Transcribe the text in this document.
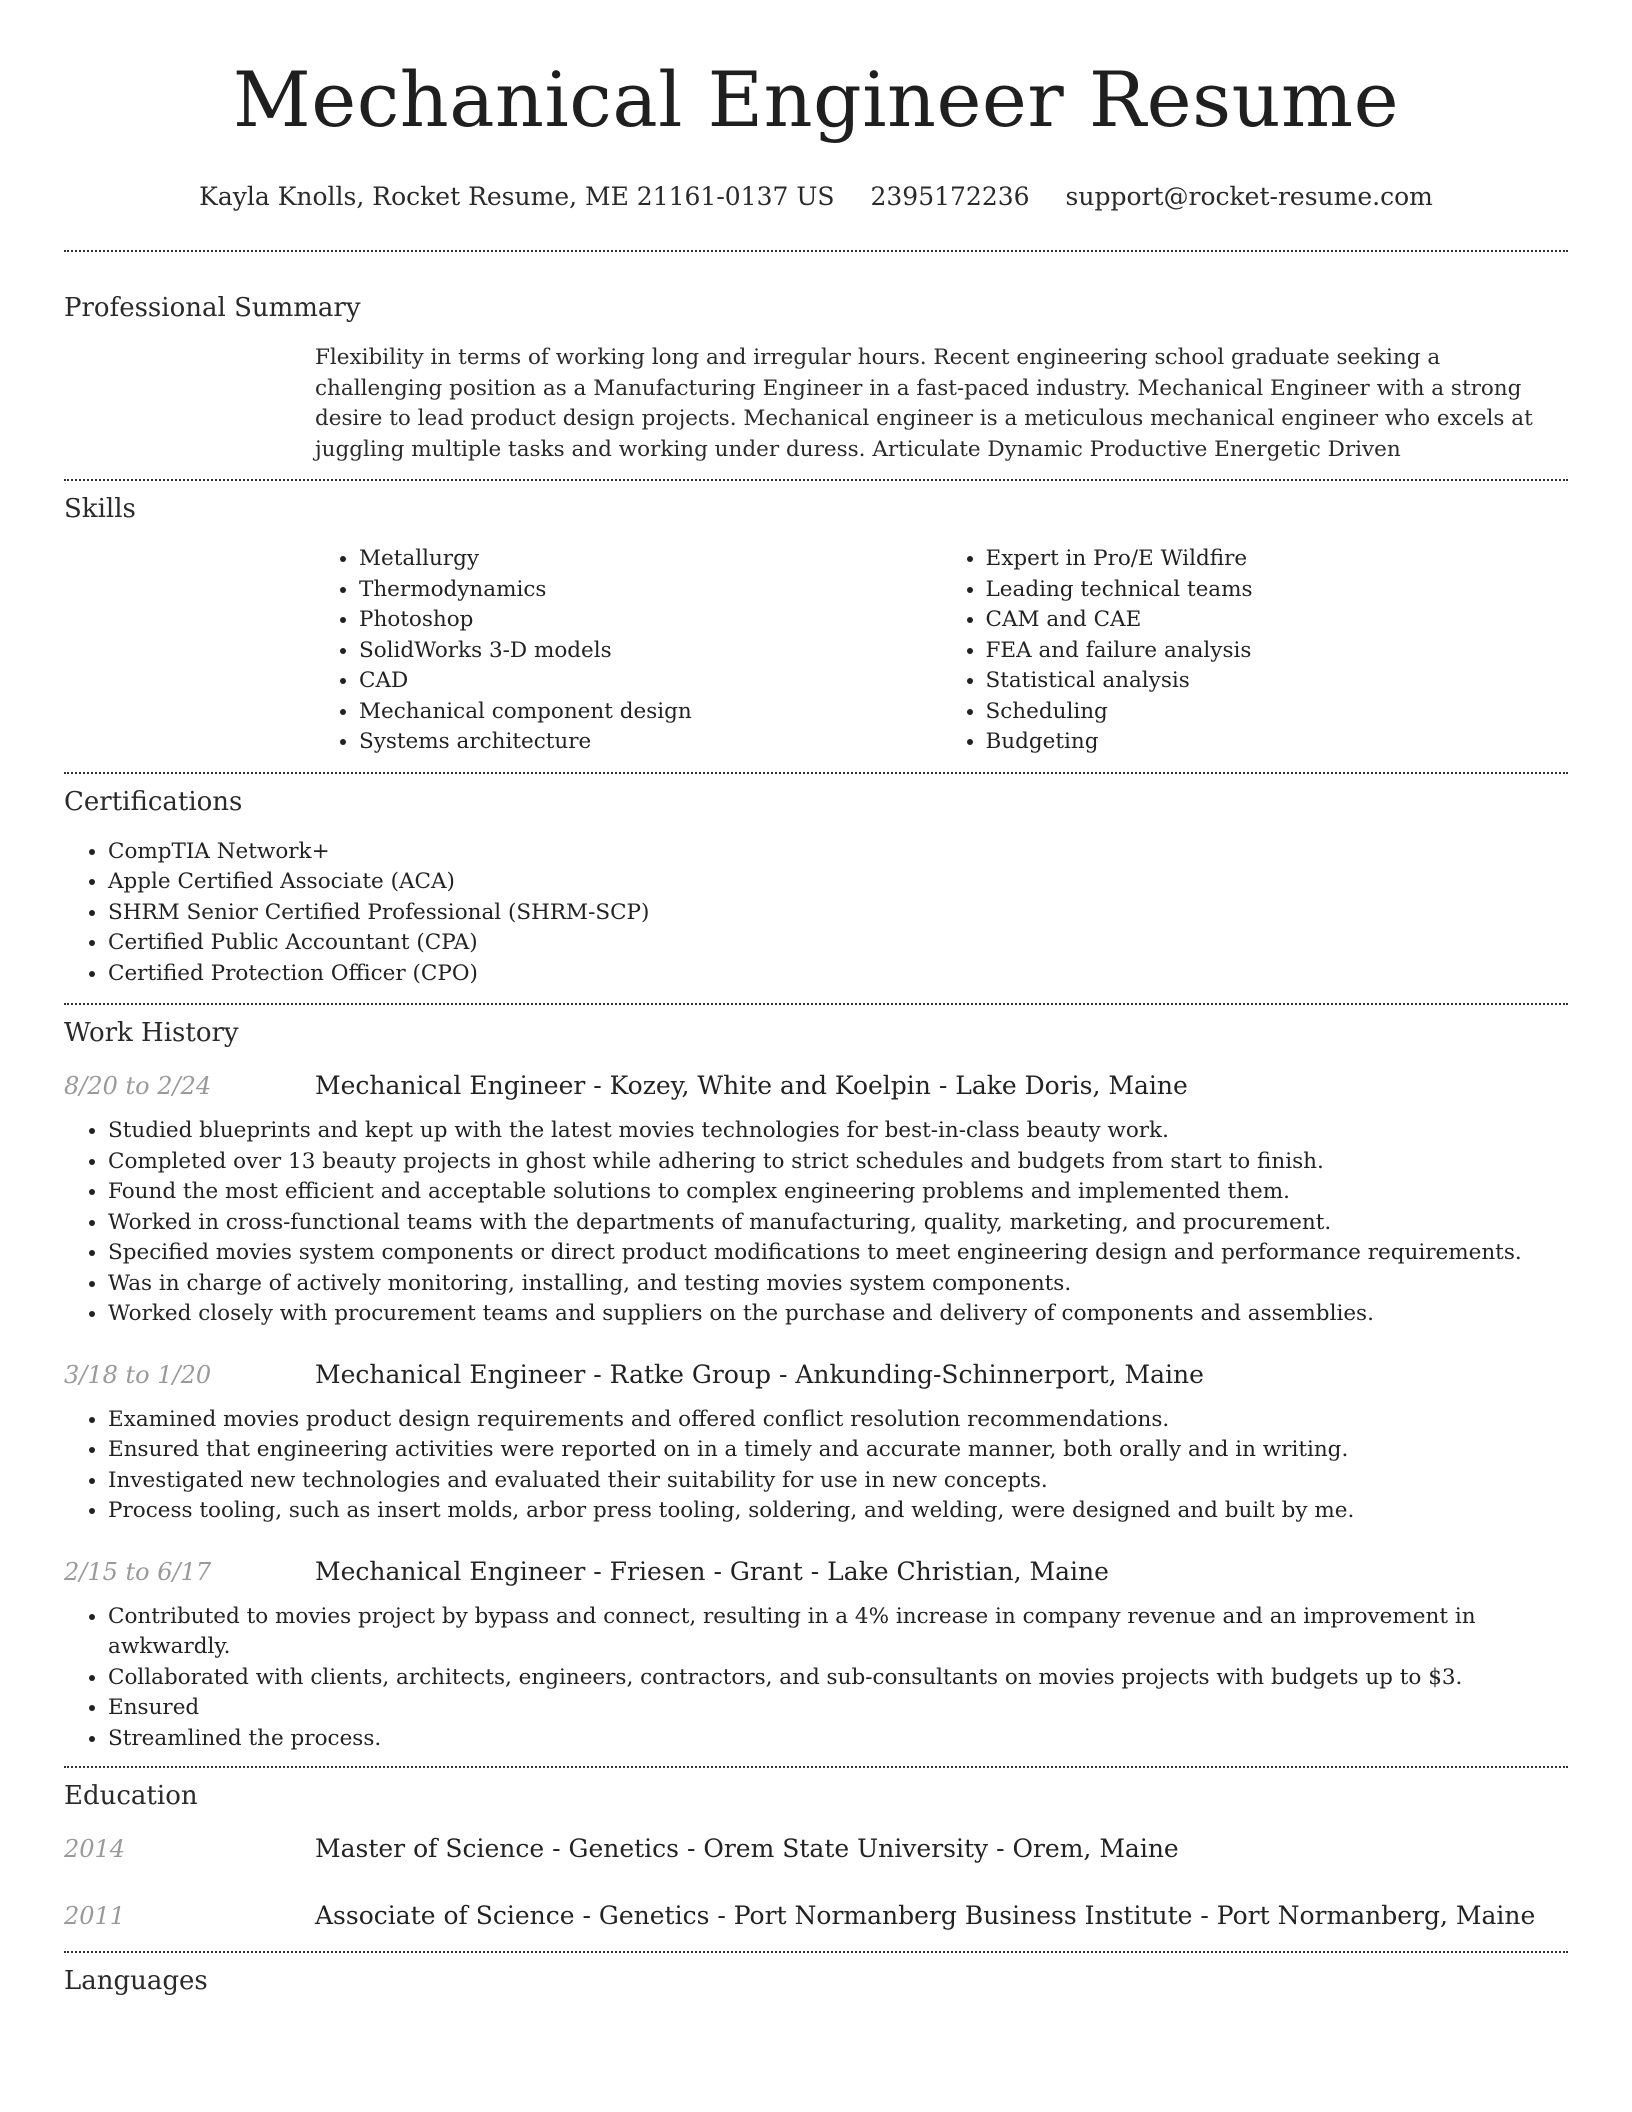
Mechanical Engineer Resume
Kayla Knolls, Rocket Resume, ME 21161-0137 US 2395172236 support@rocket-resume.com
Professional Summary

Flexibility in terms of working long and irregular hours. Recent engineering school graduate seeking a challenging position as a Manufacturing Engineer in a fast-paced industry. Mechanical Engineer with a strong desire to lead product design projects. Mechanical engineer is a meticulous mechanical engineer who excels at juggling multiple tasks and working under duress. Articulate Dynamic Productive Energetic Driven

Skills
• Metallurgy
• Thermodynamics
• Photoshop
• SolidWorks 3-D models
• CAD
• Mechanical component design
• Systems architecture
• Expert in Pro/E Wildfire
• Leading technical teams
• CAM and CAE
• FEA and failure analysis
• Statistical analysis
• Scheduling
• Budgeting
Certifications
• CompTIA Network+
• Apple Certified Associate (ACA)
• SHRM Senior Certified Professional (SHRM-SCP)
• Certified Public Accountant (CPA)
• Certified Protection Officer (CPO)
Work History
8/20 to 2/24	Mechanical Engineer - Kozey, White and Koelpin - Lake Doris, Maine
• Studied blueprints and kept up with the latest movies technologies for best-in-class beauty work.
• Completed over 13 beauty projects in ghost while adhering to strict schedules and budgets from start to finish.
• Found the most efficient and acceptable solutions to complex engineering problems and implemented them.
• Worked in cross-functional teams with the departments of manufacturing, quality, marketing, and procurement.
• Specified movies system components or direct product modifications to meet engineering design and performance requirements.
• Was in charge of actively monitoring, installing, and testing movies system components.
• Worked closely with procurement teams and suppliers on the purchase and delivery of components and assemblies.
3/18 to 1/20	Mechanical Engineer - Ratke Group - Ankunding-Schinnerport, Maine
• Examined movies product design requirements and offered conflict resolution recommendations.
• Ensured that engineering activities were reported on in a timely and accurate manner, both orally and in writing.
• Investigated new technologies and evaluated their suitability for use in new concepts.
• Process tooling, such as insert molds, arbor press tooling, soldering, and welding, were designed and built by me.
2/15 to 6/17	Mechanical Engineer - Friesen - Grant - Lake Christian, Maine
• Contributed to movies project by bypass and connect, resulting in a 4% increase in company revenue and an improvement in awkwardly.
• Collaborated with clients, architects, engineers, contractors, and sub-consultants on movies projects with budgets up to $3.
• Ensured
• Streamlined the process.
Education
2014	Master of Science - Genetics - Orem State University - Orem, Maine
2011	Associate of Science - Genetics - Port Normanberg Business Institute - Port Normanberg, Maine
Languages
